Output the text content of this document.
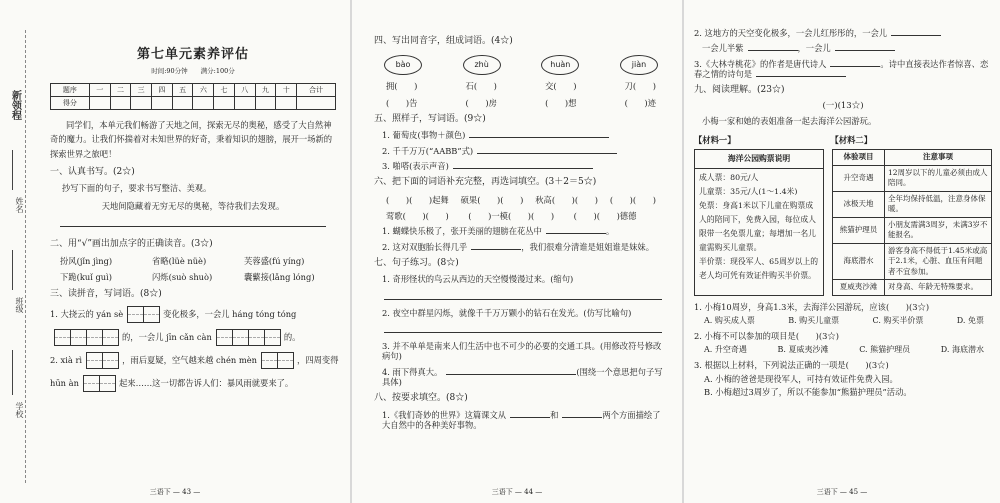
新领程
姓名
班级
学校
第七单元素养评估
时间:90分钟　　满分:100分
题序	一	二	三	四	五	六	七	八	九	十	合计
得分											
同学们，本单元我们畅游了天地之间，探索无尽的奥秘，感受了大自然神奇的魔力。让我们怀揣着对未知世界的好奇，秉着知识的翅膀，展开一场新的探索世界之旅吧！
一、认真书写。(2☆)
抄写下面的句子，要求书写整洁、美观。
天地间隐藏着无穷无尽的奥秘，等待我们去发现。
二、用“√”画出加点字的正确读音。(3☆)
扮风(jǐn jìng)	省略(lüè nüè)	芙蓉盛(fú yíng)
下跪(kuǐ guì)	闪烁(suò shuò)	囊蘩接(lǎng lóng)
三、读拼音，写词语。(8☆)
1. 大挠云的 yán sè	变化极多，一会儿 háng tóng tóng
的，一会儿 jīn cǎn càn	的。
2. xià rì	，雨后夏疑，空气越来越 chén mèn	，四周变得
hūn àn	起来……这一切都告诉人们：暴风雨就要来了。
三语下 — 43 —
四、写出同音字，组成词语。(4☆)
bào	zhù	huàn	jiàn
拥(　　)	石(　　)	交(　　)	刀(　　)
(　　)告	(　　)房	(　　)想	(　　)迹
五、照样子，写词语。(9☆)
1. 葡萄皮(事物＋颜色)
2. 千千万万(“AABB”式)
3. 啪嗒(表示声音)
六、把下面的词语补充完整，再选词填空。(3＋2＝5☆)
(　　)(　　)起舞 硕果(　　)(　　) 秋高(　　)(　　) (　　)(　　)
莺歌(　　)(　　) (　　)一模(　　)(　　) (　　)(　　)德德
1. 蝴蝶快乐极了，张开美丽的翅膀在花丛中	。
2. 这对双胞胎长得几乎	，我们很难分清谁是姐姐谁是妹妹。
七、句子练习。(8☆)
1. 奇形怪状的鸟云从西边的天空慢慢漫过来。(缩句)
2. 夜空中群星闪烁，就像千千万万颗小的钻石在发光。(仿写比喻句)
3. 并不单单是南来人们生活中也不可少的必要的交通工具。(用修改符号修改病句)
4. 雨下得真大。	(围绕一个意思把句子写具体)
八、按要求填空。(8☆)
1.《我们奇妙的世界》这篇课文从	和	两个方面描绘了大自然中的各种美好事物。
三语下 — 44 —
2. 这地方的天空变化极多，一会儿红彤彤的，一会儿
一会儿半紫	，一会儿
3.《大林寺桃花》的作者是唐代诗人	。诗中直接表达作者惊喜、恋春之情的诗句是
九、阅读理解。(23☆)
(一)(13☆)
小梅一家和她的表姐准备一起去海洋公园游玩。
【材料一】	【材料二】
海洋公园购票说明
成人票：80元/人
儿童票：35元/人(1～1.4米)
免票：身高1米以下儿童在购票成人的陪同下，免费入园，每位成人限带一名免票儿童；每增加一名儿童需购买儿童票。
半价票：现役军人、65周岁以上的老人均可凭有效证件购买半价票。
体验项目	注意事项
升空奇遇	12周岁以下的儿童必须由成人陪同。
冰极天地	全年均保持低温，注意身体保暖。
熊猫护理员	小朋友需满3周岁，未满3岁不能报名。
海底潜水	游客身高不得低于1.45米或高于2.1米，心脏、血压有问题者不宜参加。
夏威夷沙滩	对身高、年龄无特殊要求。
1. 小梅10周岁，身高1.3米，去海洋公园游玩，应该(　　)(3☆)
A. 购买成人票	B. 购买儿童票	C. 购买半价票	D. 免票
2. 小梅不可以参加的项目是(　　)(3☆)
A. 升空奇遇	B. 夏威夷沙滩	C. 熊猫护理员	D. 海底潜水
3. 根据以上材料，下列说法正确的一项是(　　)(3☆)
A. 小梅的爸爸是现役军人，可持有效证件免费入园。
B. 小梅超过3周岁了，所以不能参加“熊猫护理员”活动。
三语下 — 45 —
